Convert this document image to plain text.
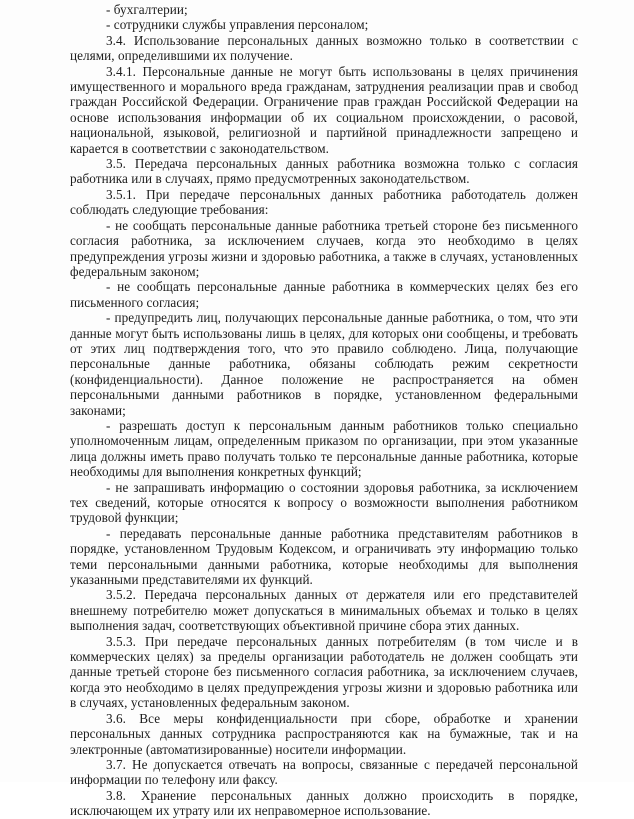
- бухгалтерии;

- сотрудники службы управления персоналом;

3.4. Использование персональных данных возможно только в соответствии с целями, определившими их получение.

3.4.1. Персональные данные не могут быть использованы в целях причинения имущественного и морального вреда гражданам, затруднения реализации прав и свобод граждан Российской Федерации. Ограничение прав граждан Российской Федерации на основе использования информации об их социальном происхождении, о расовой, национальной, языковой, религиозной и партийной принадлежности запрещено и карается в соответствии с законодательством.

3.5. Передача персональных данных работника возможна только с согласия работника или в случаях, прямо предусмотренных законодательством.

3.5.1. При передаче персональных данных работника работодатель должен соблюдать следующие требования:

- не сообщать персональные данные работника третьей стороне без письменного согласия работника, за исключением случаев, когда это необходимо в целях предупреждения угрозы жизни и здоровью работника, а также в случаях, установленных федеральным законом;

- не сообщать персональные данные работника в коммерческих целях без его письменного согласия;

- предупредить лиц, получающих персональные данные работника, о том, что эти данные могут быть использованы лишь в целях, для которых они сообщены, и требовать от этих лиц подтверждения того, что это правило соблюдено. Лица, получающие персональные данные работника, обязаны соблюдать режим секретности (конфиденциальности). Данное положение не распространяется на обмен персональными данными работников в порядке, установленном федеральными законами;

- разрешать доступ к персональным данным работников только специально уполномоченным лицам, определенным приказом по организации, при этом указанные лица должны иметь право получать только те персональные данные работника, которые необходимы для выполнения конкретных функций;

- не запрашивать информацию о состоянии здоровья работника, за исключением тех сведений, которые относятся к вопросу о возможности выполнения работником трудовой функции;

- передавать персональные данные работника представителям работников в порядке, установленном Трудовым Кодексом, и ограничивать эту информацию только теми персональными данными работника, которые необходимы для выполнения указанными представителями их функций.

3.5.2. Передача персональных данных от держателя или его представителей внешнему потребителю может допускаться в минимальных объемах и только в целях выполнения задач, соответствующих объективной причине сбора этих данных.

3.5.3. При передаче персональных данных потребителям (в том числе и в коммерческих целях) за пределы организации работодатель не должен сообщать эти данные третьей стороне без письменного согласия работника, за исключением случаев, когда это необходимо в целях предупреждения угрозы жизни и здоровью работника или в случаях, установленных федеральным законом.

3.6. Все меры конфиденциальности при сборе, обработке и хранении персональных данных сотрудника распространяются как на бумажные, так и на электронные (автоматизированные) носители информации.

3.7. Не допускается отвечать на вопросы, связанные с передачей персональной информации по телефону или факсу.

3.8. Хранение персональных данных должно происходить в порядке, исключающем их утрату или их неправомерное использование.
